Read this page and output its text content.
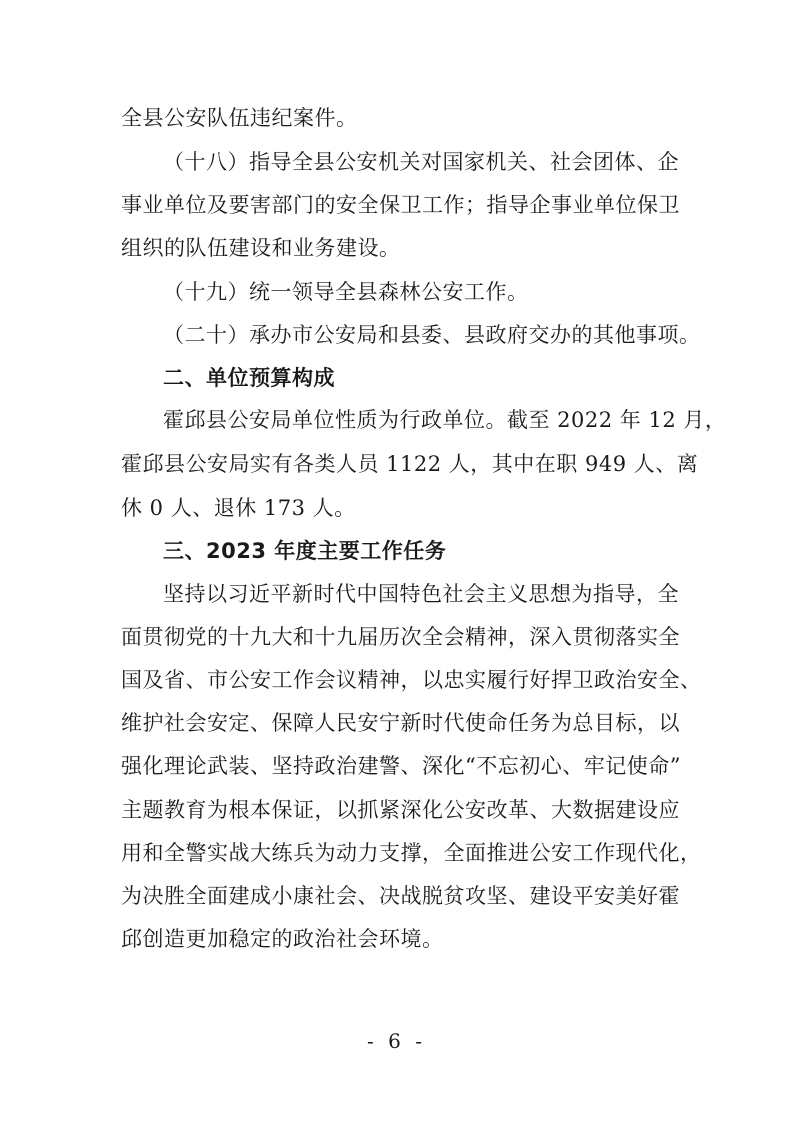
全县公安队伍违纪案件。
（十八）指导全县公安机关对国家机关、社会团体、企
事业单位及要害部门的安全保卫工作；指导企事业单位保卫
组织的队伍建设和业务建设。
（十九）统一领导全县森林公安工作。
（二十）承办市公安局和县委、县政府交办的其他事项。
二、单位预算构成
霍邱县公安局单位性质为行政单位。截至 2022 年 12 月，
霍邱县公安局实有各类人员 1122 人，其中在职 949 人、离
休 0 人、退休 173 人。
三、2023 年度主要工作任务
坚持以习近平新时代中国特色社会主义思想为指导，全
面贯彻党的十九大和十九届历次全会精神，深入贯彻落实全
国及省、市公安工作会议精神，以忠实履行好捍卫政治安全、
维护社会安定、保障人民安宁新时代使命任务为总目标，以
强化理论武装、坚持政治建警、深化“不忘初心、牢记使命”
主题教育为根本保证，以抓紧深化公安改革、大数据建设应
用和全警实战大练兵为动力支撑，全面推进公安工作现代化，
为决胜全面建成小康社会、决战脱贫攻坚、建设平安美好霍
邱创造更加稳定的政治社会环境。
- 6 -
